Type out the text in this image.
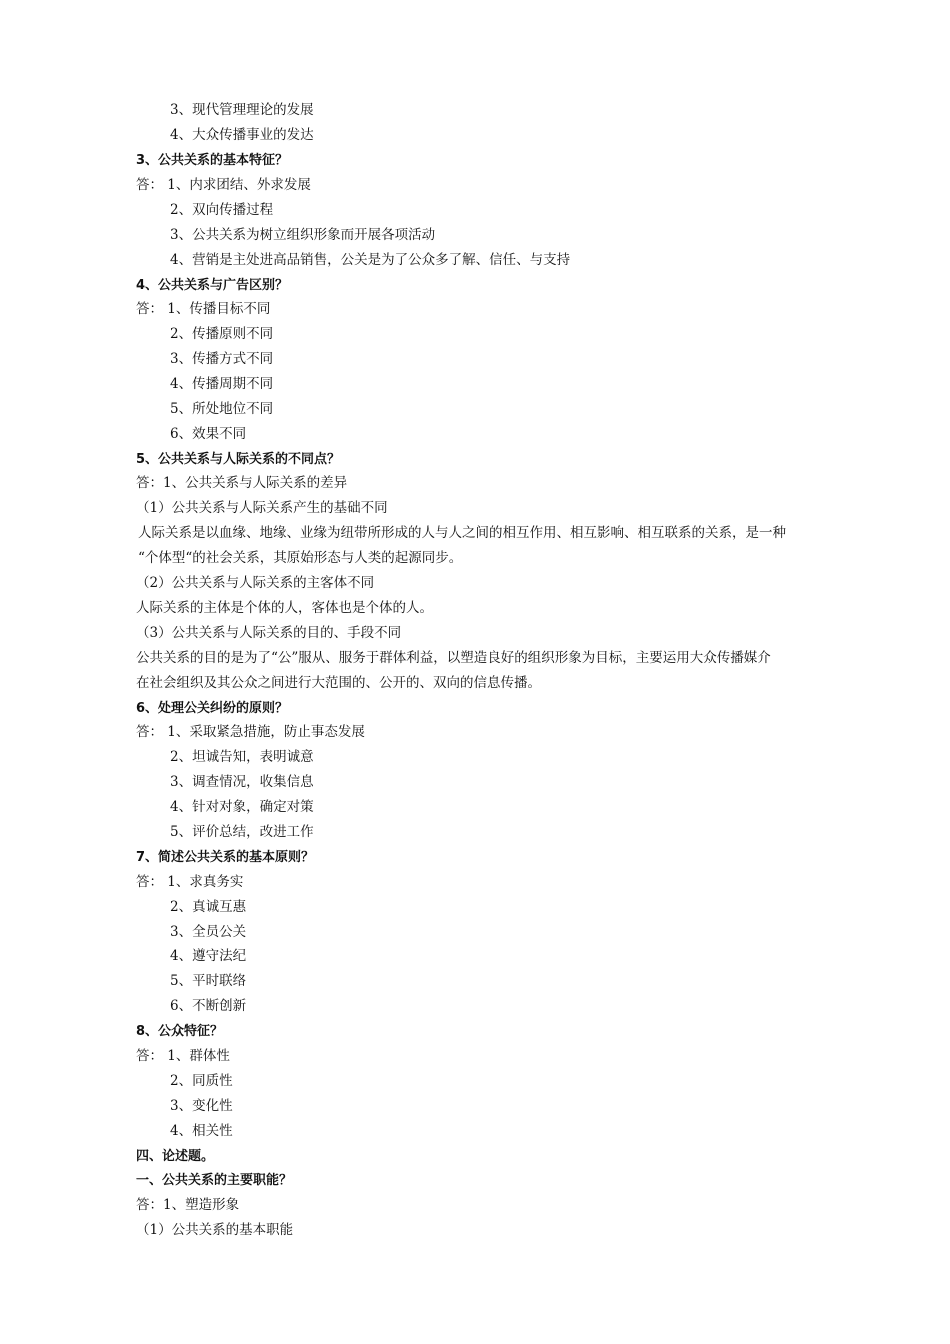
3、现代管理理论的发展
4、大众传播事业的发达
3、公共关系的基本特征？
答： 1、内求团结、外求发展
2、双向传播过程
3、公共关系为树立组织形象而开展各项活动
4、营销是主处进高品销售，公关是为了公众多了解、信任、与支持
4、公共关系与广告区别？
答： 1、传播目标不同
2、传播原则不同
3、传播方式不同
4、传播周期不同
5、所处地位不同
6、效果不同
5、公共关系与人际关系的不同点？
答：1、公共关系与人际关系的差异
（1）公共关系与人际关系产生的基础不同
人际关系是以血缘、地缘、业缘为纽带所形成的人与人之间的相互作用、相互影响、相互联系的关系，是一种
“个体型“的社会关系，其原始形态与人类的起源同步。
（2）公共关系与人际关系的主客体不同
人际关系的主体是个体的人，客体也是个体的人。
（3）公共关系与人际关系的目的、手段不同
公共关系的目的是为了“公”服从、服务于群体利益，以塑造良好的组织形象为目标，主要运用大众传播媒介
在社会组织及其公众之间进行大范围的、公开的、双向的信息传播。
6、处理公关纠纷的原则？
答： 1、采取紧急措施，防止事态发展
2、坦诚告知，表明诚意
3、调查情况，收集信息
4、针对对象，确定对策
5、评价总结，改进工作
7、简述公共关系的基本原则？
答： 1、求真务实
2、真诚互惠
3、全员公关
4、遵守法纪
5、平时联络
6、不断创新
8、公众特征？
答： 1、群体性
2、同质性
3、变化性
4、相关性
四、论述题。
一、公共关系的主要职能？
答：1、塑造形象
（1）公共关系的基本职能
